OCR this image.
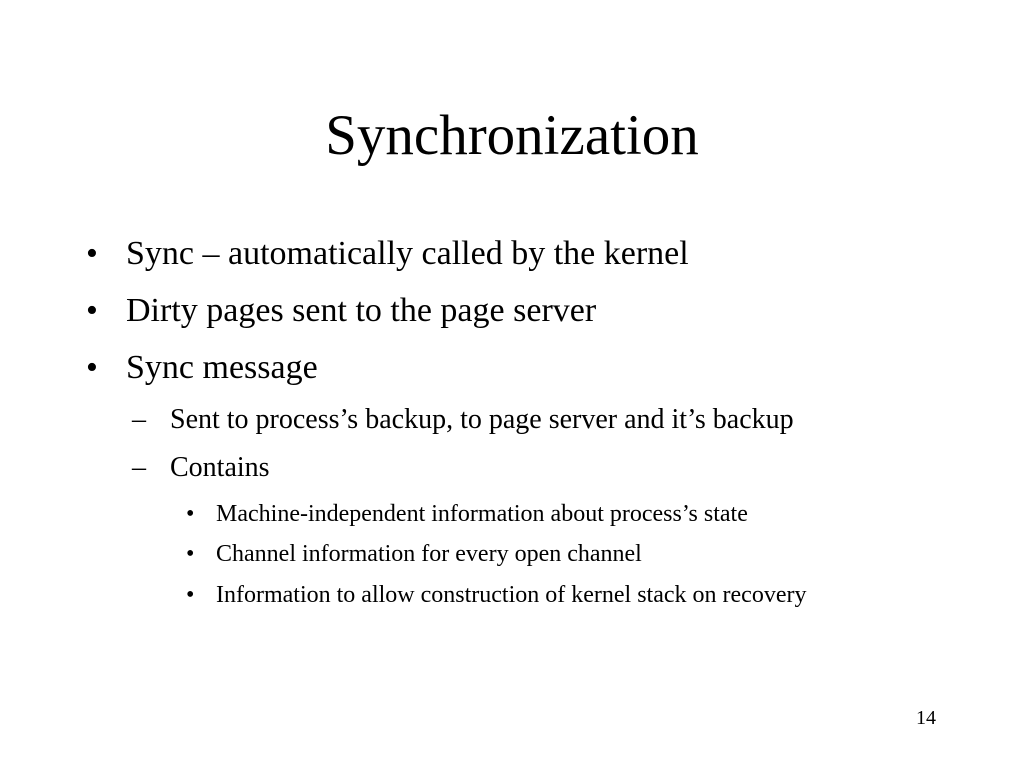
Synchronization
• Sync – automatically called by the kernel
• Dirty pages sent to the page server
• Sync message
– Sent to process’s backup, to page server and it’s backup
– Contains
• Machine-independent information about process’s state
• Channel information for every open channel
• Information to allow construction of kernel stack on recovery
14
